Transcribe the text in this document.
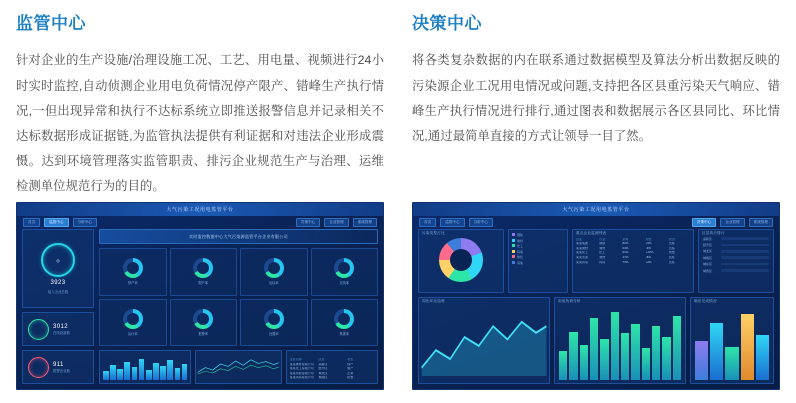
监管中心

针对企业的生产设施/治理设施工况、工艺、用电量、视频进行24小时实时监控,自动侦测企业用电负荷情况停产限产、错峰生产执行情况,一但出现异常和执行不达标系统立即推送报警信息并记录相关不达标数据形成证据链,为监管执法提供有利证据和对违法企业形成震慑。达到环境管理落实监管职责、排污企业规范生产与治理、运维检测单位规范行为的目的。

决策中心

将各类复杂数据的内在联系通过数据模型及算法分析出数据反映的污染源企业工况用电情况或问题,支持把各区县重污染天气响应、错峰生产执行情况进行排行,通过图表和数据展示各区县同比、环比情况,通过最简单直接的方式让领导一目了然。

大气污染工况用电监管平台
首页	监管中心	分析中心	决策中心	企业管理	系统管理
◎
3923
接入企业总数
3012
在线设备数
911
报警企业数
实时监控数据中心大气污染源监管平台企业有限公司
停产率	限产率	达标率	在线率
运行率	报警率	处置率	核查率
企业名称	区县	状态
某某建材有限公司	高新区	停产
某某化工有限公司	经开区	限产
某某水泥有限公司	城北区	正常
某某铸造有限公司	城南区	报警
大气污染工况用电监管平台
首页	监管中心	分析中心	决策中心	企业管理	系统管理
污染类型占比	钢铁
建材
化工
铸造
焦化
其他
重点企业监测列表
企业	行业	负荷	同比	状态
某某集团	钢铁	82%	+5%	达标
某某建材	建材	64%	-3%	达标
某某化工	化工	91%	+12%	预警
某某水泥	建材	47%	-8%	达标
某某铸造	铸造	73%	+2%	达标
区县执行排行
高新区
经开区
城北区
城南区
城东区
城西区
同比环比趋势	用电负荷分析	响应完成情况
